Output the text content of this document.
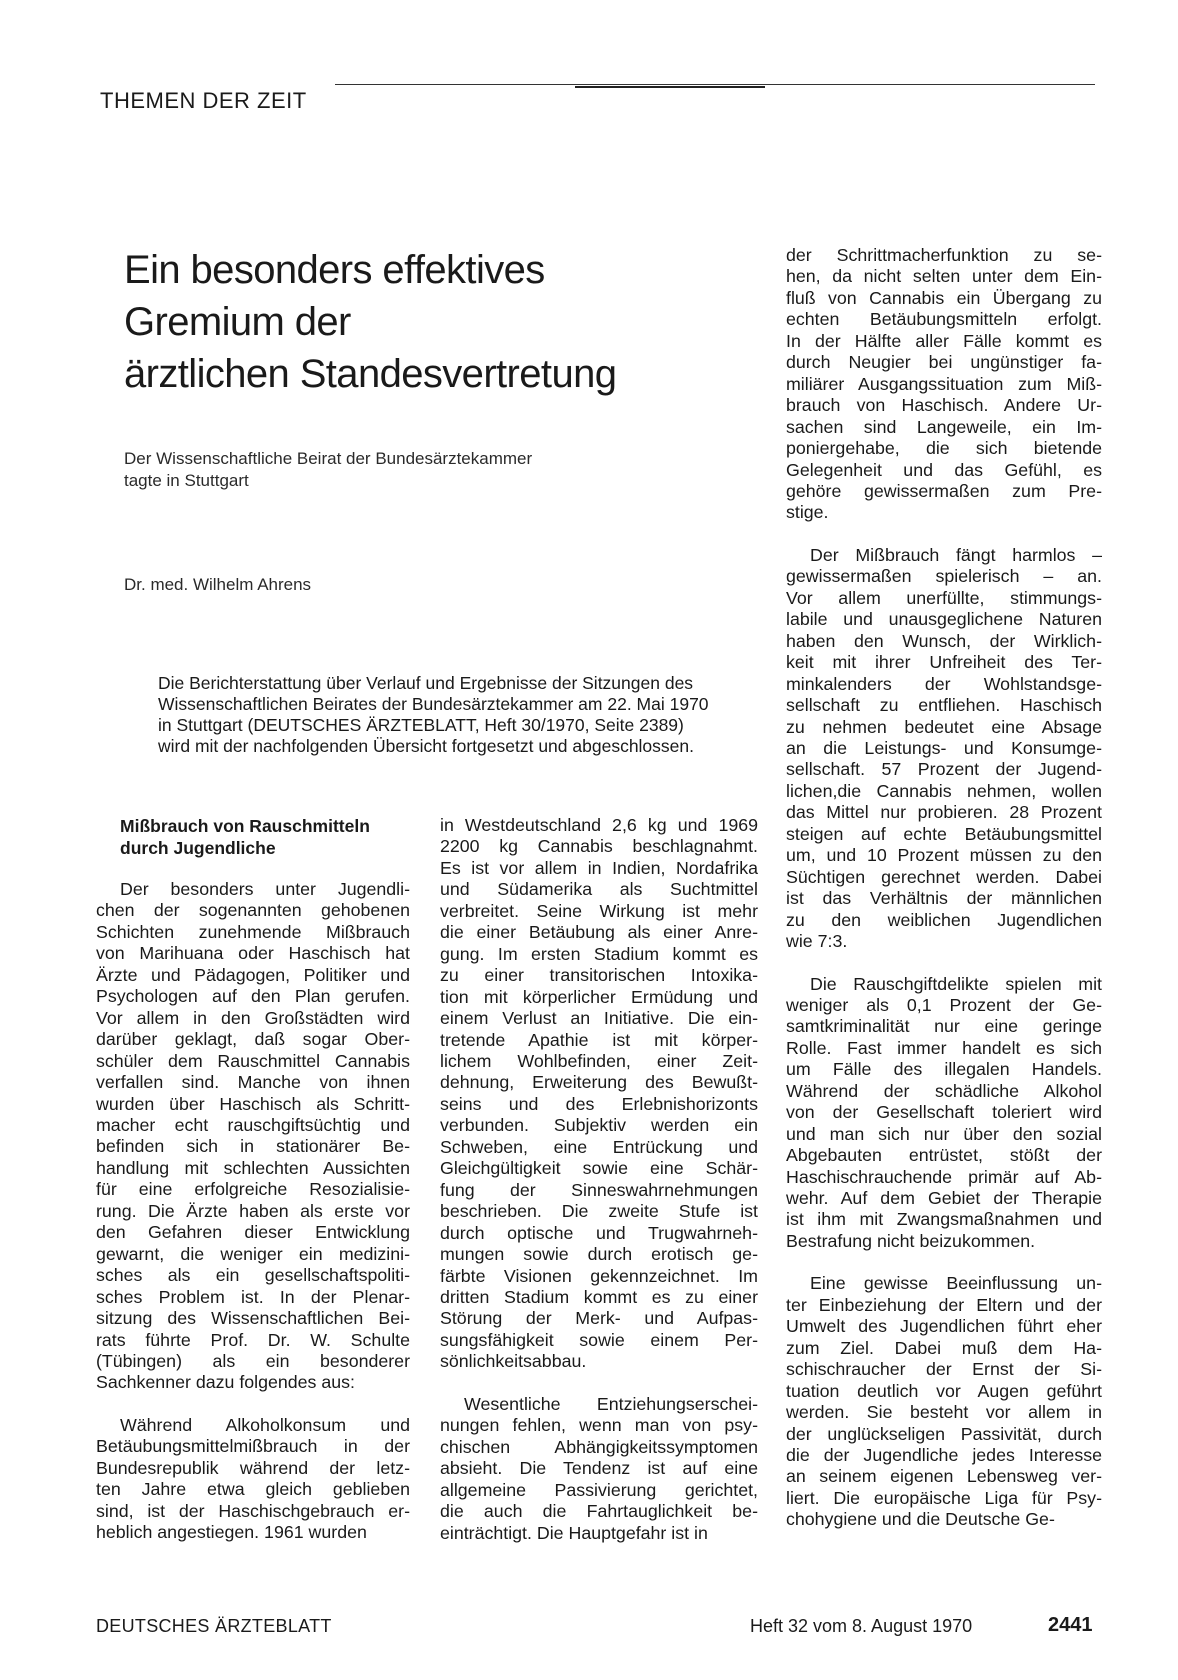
THEMEN DER ZEIT
Ein besonders effektives
Gremium der
ärztlichen Standesvertretung
Der Wissenschaftliche Beirat der Bundesärztekammer
tagte in Stuttgart
Dr. med. Wilhelm Ahrens
Die Berichterstattung über Verlauf und Ergebnisse der Sitzungen des
Wissenschaftlichen Beirates der Bundesärztekammer am 22. Mai 1970
in Stuttgart (DEUTSCHES ÄRZTEBLATT, Heft 30/1970, Seite 2389)
wird mit der nachfolgenden Übersicht fortgesetzt und abgeschlossen.
Mißbrauch von Rauschmitteln
durch Jugendliche

Der besonders unter Jugendli-
chen der sogenannten gehobenen
Schichten zunehmende Mißbrauch
von Marihuana oder Haschisch hat
Ärzte und Pädagogen, Politiker und
Psychologen auf den Plan gerufen.
Vor allem in den Großstädten wird
darüber geklagt, daß sogar Ober-
schüler dem Rauschmittel Cannabis
verfallen sind. Manche von ihnen
wurden über Haschisch als Schritt-
macher echt rauschgiftsüchtig und
befinden sich in stationärer Be-
handlung mit schlechten Aussichten
für eine erfolgreiche Resozialisie-
rung. Die Ärzte haben als erste vor
den Gefahren dieser Entwicklung
gewarnt, die weniger ein medizini-
sches als ein gesellschaftspoliti-
sches Problem ist. In der Plenar-
sitzung des Wissenschaftlichen Bei-
rats führte Prof. Dr. W. Schulte
(Tübingen) als ein besonderer
Sachkenner dazu folgendes aus:

Während Alkoholkonsum und
Betäubungsmittelmißbrauch in der
Bundesrepublik während der letz-
ten Jahre etwa gleich geblieben
sind, ist der Haschischgebrauch er-
heblich angestiegen. 1961 wurden

in Westdeutschland 2,6 kg und 1969
2200 kg Cannabis beschlagnahmt.
Es ist vor allem in Indien, Nordafrika
und Südamerika als Suchtmittel
verbreitet. Seine Wirkung ist mehr
die einer Betäubung als einer Anre-
gung. Im ersten Stadium kommt es
zu einer transitorischen Intoxika-
tion mit körperlicher Ermüdung und
einem Verlust an Initiative. Die ein-
tretende Apathie ist mit körper-
lichem Wohlbefinden, einer Zeit-
dehnung, Erweiterung des Bewußt-
seins und des Erlebnishorizonts
verbunden. Subjektiv werden ein
Schweben, eine Entrückung und
Gleichgültigkeit sowie eine Schär-
fung der Sinneswahrnehmungen
beschrieben. Die zweite Stufe ist
durch optische und Trugwahrneh-
mungen sowie durch erotisch ge-
färbte Visionen gekennzeichnet. Im
dritten Stadium kommt es zu einer
Störung der Merk- und Aufpas-
sungsfähigkeit sowie einem Per-
sönlichkeitsabbau.

Wesentliche Entziehungserschei-
nungen fehlen, wenn man von psy-
chischen Abhängigkeitssymptomen
absieht. Die Tendenz ist auf eine
allgemeine Passivierung gerichtet,
die auch die Fahrtauglichkeit be-
einträchtigt. Die Hauptgefahr ist in

der Schrittmacherfunktion zu se-
hen, da nicht selten unter dem Ein-
fluß von Cannabis ein Übergang zu
echten Betäubungsmitteln erfolgt.
In der Hälfte aller Fälle kommt es
durch Neugier bei ungünstiger fa-
miliärer Ausgangssituation zum Miß-
brauch von Haschisch. Andere Ur-
sachen sind Langeweile, ein Im-
poniergehabe, die sich bietende
Gelegenheit und das Gefühl, es
gehöre gewissermaßen zum Pre-
stige.

Der Mißbrauch fängt harmlos –
gewissermaßen spielerisch – an.
Vor allem unerfüllte, stimmungs-
labile und unausgeglichene Naturen
haben den Wunsch, der Wirklich-
keit mit ihrer Unfreiheit des Ter-
minkalenders der Wohlstandsge-
sellschaft zu entfliehen. Haschisch
zu nehmen bedeutet eine Absage
an die Leistungs- und Konsumge-
sellschaft. 57 Prozent der Jugend-
lichen,die Cannabis nehmen, wollen
das Mittel nur probieren. 28 Prozent
steigen auf echte Betäubungsmittel
um, und 10 Prozent müssen zu den
Süchtigen gerechnet werden. Dabei
ist das Verhältnis der männlichen
zu den weiblichen Jugendlichen
wie 7:3.

Die Rauschgiftdelikte spielen mit
weniger als 0,1 Prozent der Ge-
samtkriminalität nur eine geringe
Rolle. Fast immer handelt es sich
um Fälle des illegalen Handels.
Während der schädliche Alkohol
von der Gesellschaft toleriert wird
und man sich nur über den sozial
Abgebauten entrüstet, stößt der
Haschischrauchende primär auf Ab-
wehr. Auf dem Gebiet der Therapie
ist ihm mit Zwangsmaßnahmen und
Bestrafung nicht beizukommen.

Eine gewisse Beeinflussung un-
ter Einbeziehung der Eltern und der
Umwelt des Jugendlichen führt eher
zum Ziel. Dabei muß dem Ha-
schischraucher der Ernst der Si-
tuation deutlich vor Augen geführt
werden. Sie besteht vor allem in
der unglückseligen Passivität, durch
die der Jugendliche jedes Interesse
an seinem eigenen Lebensweg ver-
liert. Die europäische Liga für Psy-
chohygiene und die Deutsche Ge-

DEUTSCHES ÄRZTEBLATT	Heft 32 vom 8. August 1970	2441
